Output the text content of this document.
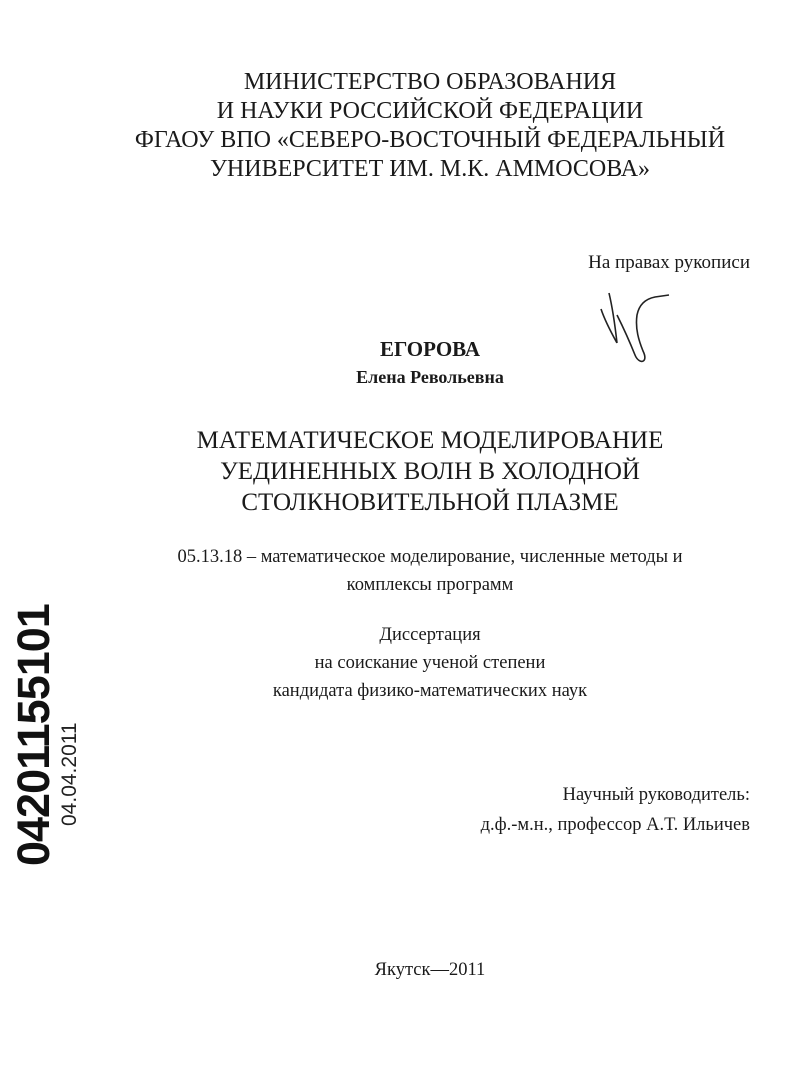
МИНИСТЕРСТВО ОБРАЗОВАНИЯ
И НАУКИ РОССИЙСКОЙ ФЕДЕРАЦИИ
ФГАОУ ВПО «СЕВЕРО-ВОСТОЧНЫЙ ФЕДЕРАЛЬНЫЙ
УНИВЕРСИТЕТ ИМ. М.К. АММОСОВА»
На правах рукописи
ЕГОРОВА
Елена Револьевна
МАТЕМАТИЧЕСКОЕ МОДЕЛИРОВАНИЕ
УЕДИНЕННЫХ ВОЛН В ХОЛОДНОЙ
СТОЛКНОВИТЕЛЬНОЙ ПЛАЗМЕ
05.13.18 – математическое моделирование, численные методы и
комплексы программ
Диссертация
на соискание ученой степени
кандидата физико-математических наук
Научный руководитель:
д.ф.-м.н., профессор А.Т. Ильичев
Якутск—2011
04201155101 04.04.2011
